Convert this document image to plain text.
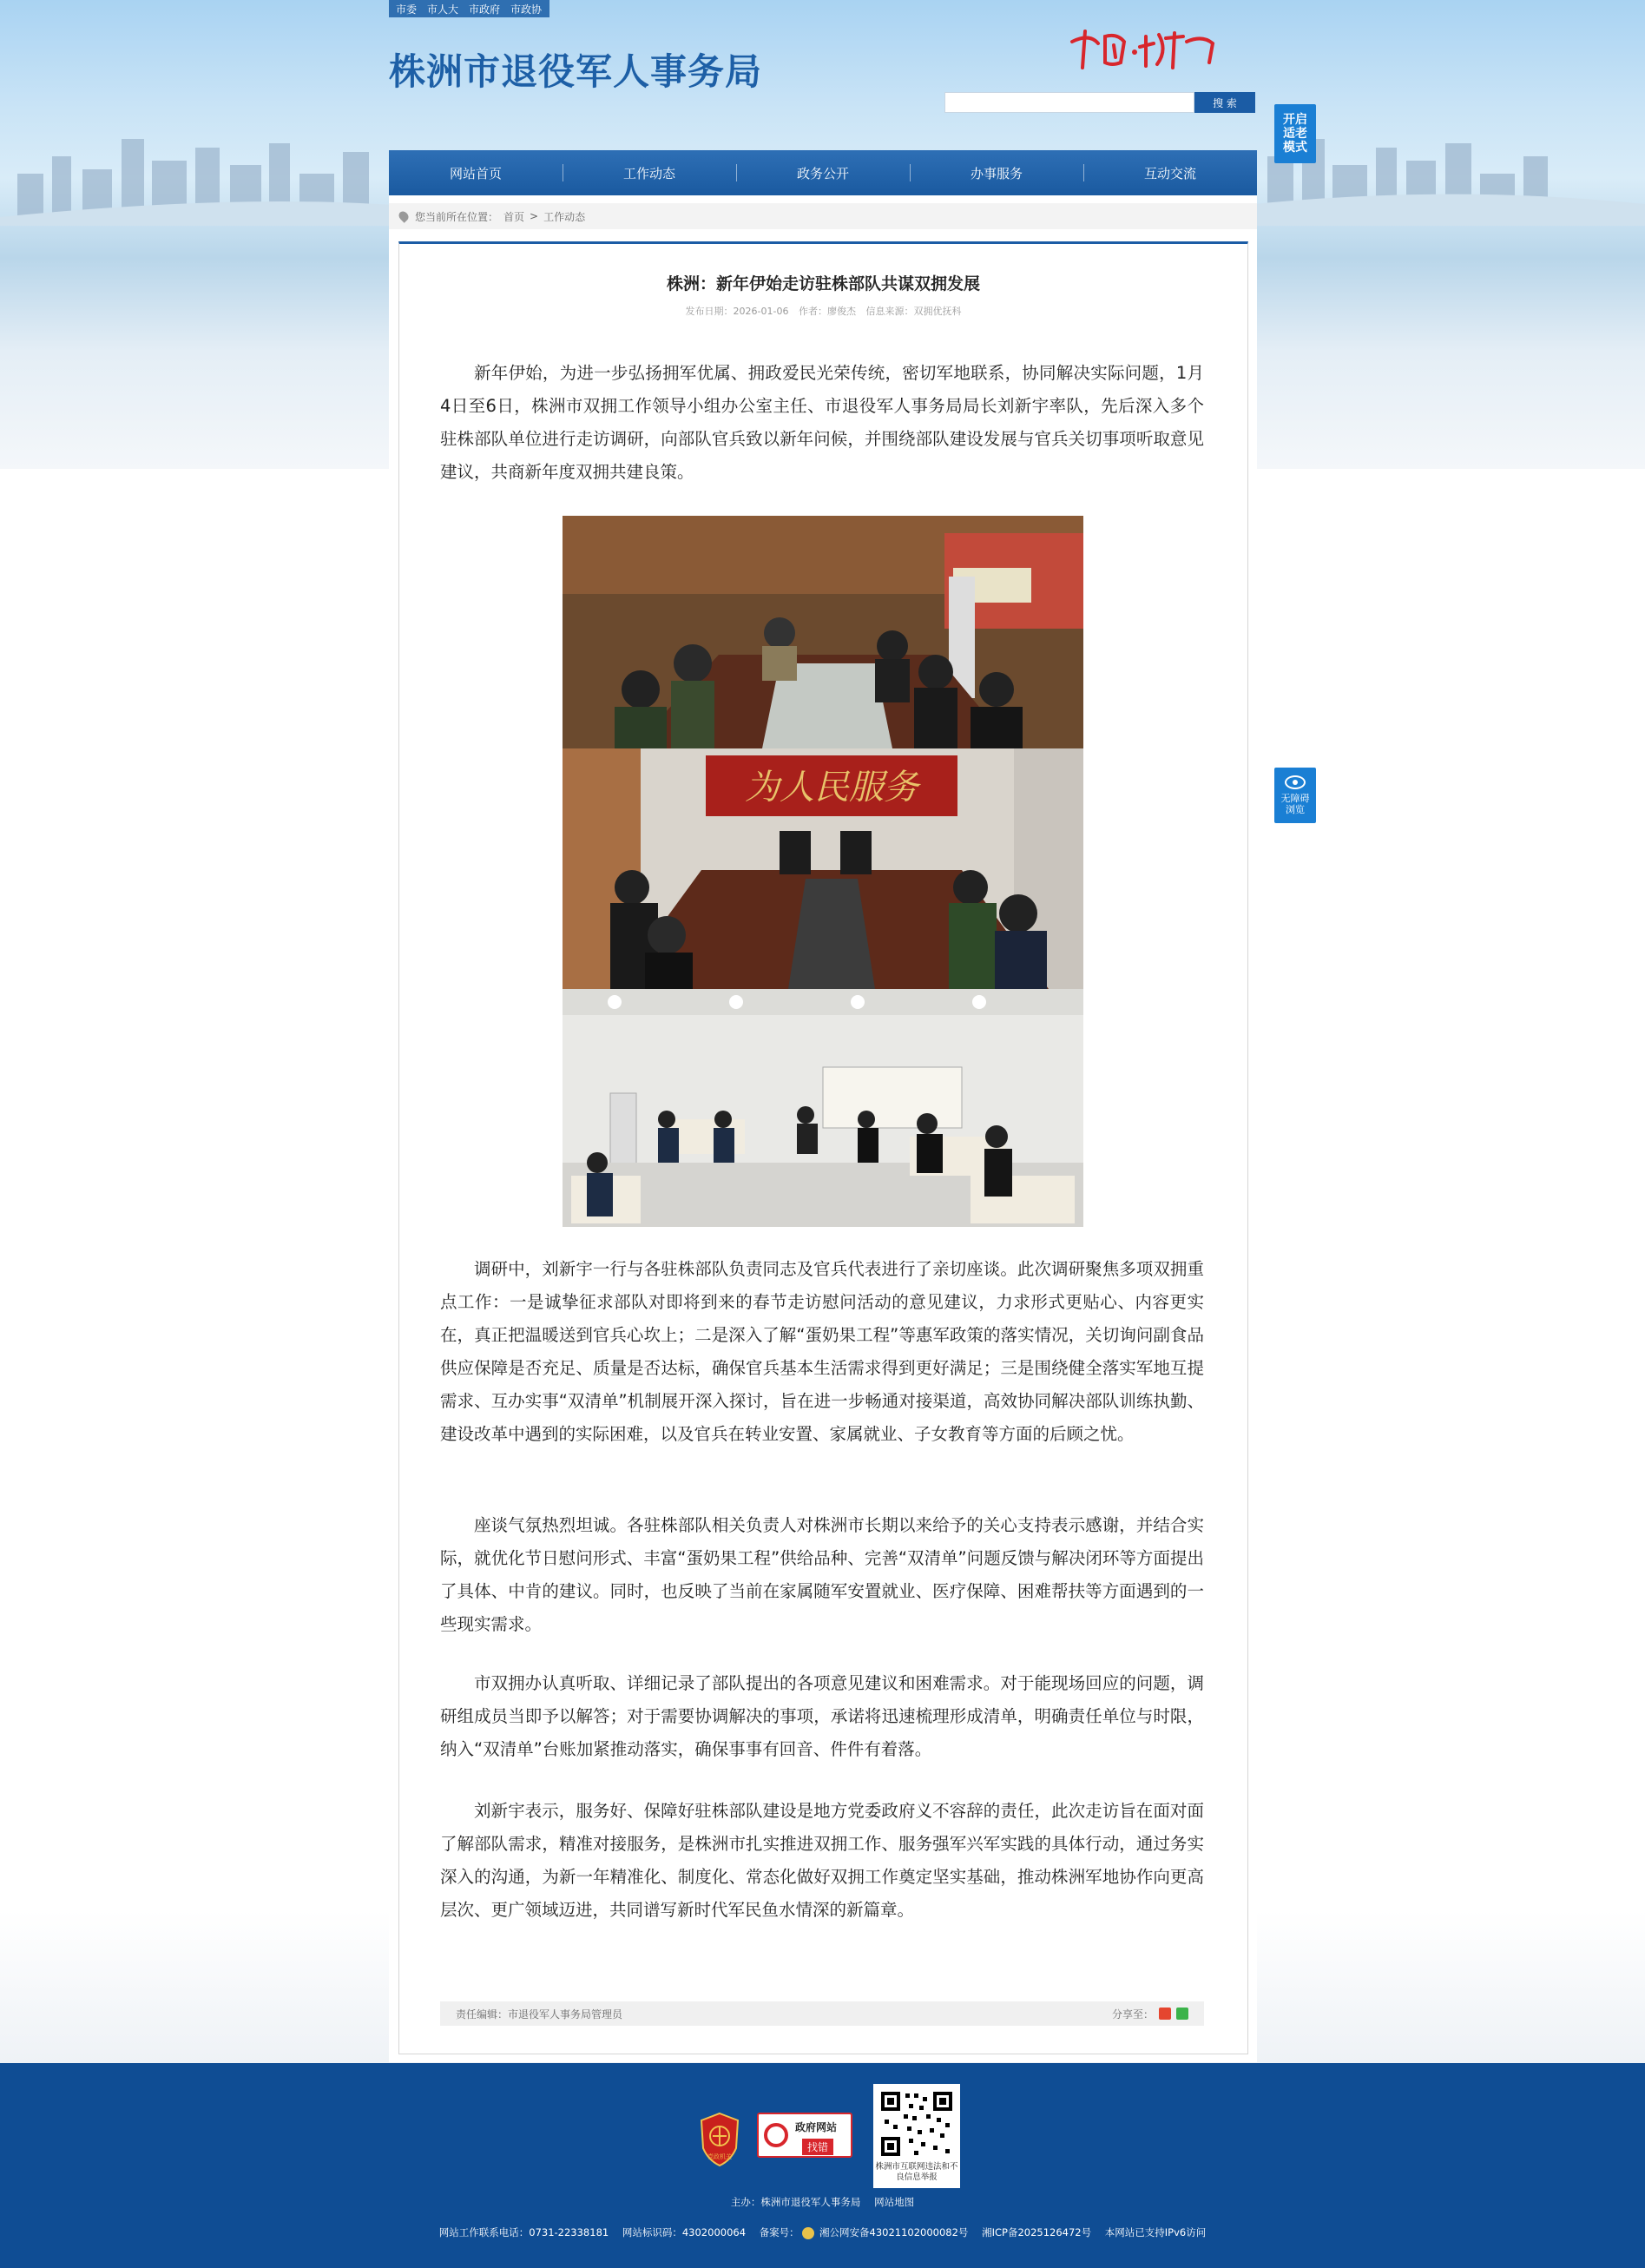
市委 市人大 市政府 市政协
株洲市退役军人事务局
搜 索
开启适老模式
无障碍浏览
网站首页	工作动态	政务公开	办事服务	互动交流
您当前所在位置： 首页 > 工作动态
株洲：新年伊始走访驻株部队共谋双拥发展
发布日期：2026-01-06 作者：廖俊杰 信息来源：双拥优抚科

新年伊始，为进一步弘扬拥军优属、拥政爱民光荣传统，密切军地联系，协同解决实际问题，1月4日至6日，株洲市双拥工作领导小组办公室主任、市退役军人事务局局长刘新宇率队，先后深入多个驻株部队单位进行走访调研，向部队官兵致以新年问候，并围绕部队建设发展与官兵关切事项听取意见建议，共商新年度双拥共建良策。

为人民服务

调研中，刘新宇一行与各驻株部队负责同志及官兵代表进行了亲切座谈。此次调研聚焦多项双拥重点工作：一是诚挚征求部队对即将到来的春节走访慰问活动的意见建议，力求形式更贴心、内容更实在，真正把温暖送到官兵心坎上；二是深入了解“蛋奶果工程”等惠军政策的落实情况，关切询问副食品供应保障是否充足、质量是否达标，确保官兵基本生活需求得到更好满足；三是围绕健全落实军地互提需求、互办实事“双清单”机制展开深入探讨，旨在进一步畅通对接渠道，高效协同解决部队训练执勤、建设改革中遇到的实际困难，以及官兵在转业安置、家属就业、子女教育等方面的后顾之忧。

座谈气氛热烈坦诚。各驻株部队相关负责人对株洲市长期以来给予的关心支持表示感谢，并结合实际，就优化节日慰问形式、丰富“蛋奶果工程”供给品种、完善“双清单”问题反馈与解决闭环等方面提出了具体、中肯的建议。同时，也反映了当前在家属随军安置就业、医疗保障、困难帮扶等方面遇到的一些现实需求。

市双拥办认真听取、详细记录了部队提出的各项意见建议和困难需求。对于能现场回应的问题，调研组成员当即予以解答；对于需要协调解决的事项，承诺将迅速梳理形成清单，明确责任单位与时限，纳入“双清单”台账加紧推动落实，确保事事有回音、件件有着落。

刘新宇表示，服务好、保障好驻株部队建设是地方党委政府义不容辞的责任，此次走访旨在面对面了解部队需求，精准对接服务，是株洲市扎实推进双拥工作、服务强军兴军实践的具体行动，通过务实深入的沟通，为新一年精准化、制度化、常态化做好双拥工作奠定坚实基础，推动株洲军地协作向更高层次、更广领域迈进，共同谱写新时代军民鱼水情深的新篇章。

责任编辑：市退役军人事务局管理员	分享至：
党政机关
政府网站
找错
株洲市互联网违法和不良信息举报
主办：株洲市退役军人事务局 网站地图
网站工作联系电话：0731-22338181 网站标识码：4302000064 备案号： 湘公网安备43021102000082号 湘ICP备2025126472号 本网站已支持IPv6访问
